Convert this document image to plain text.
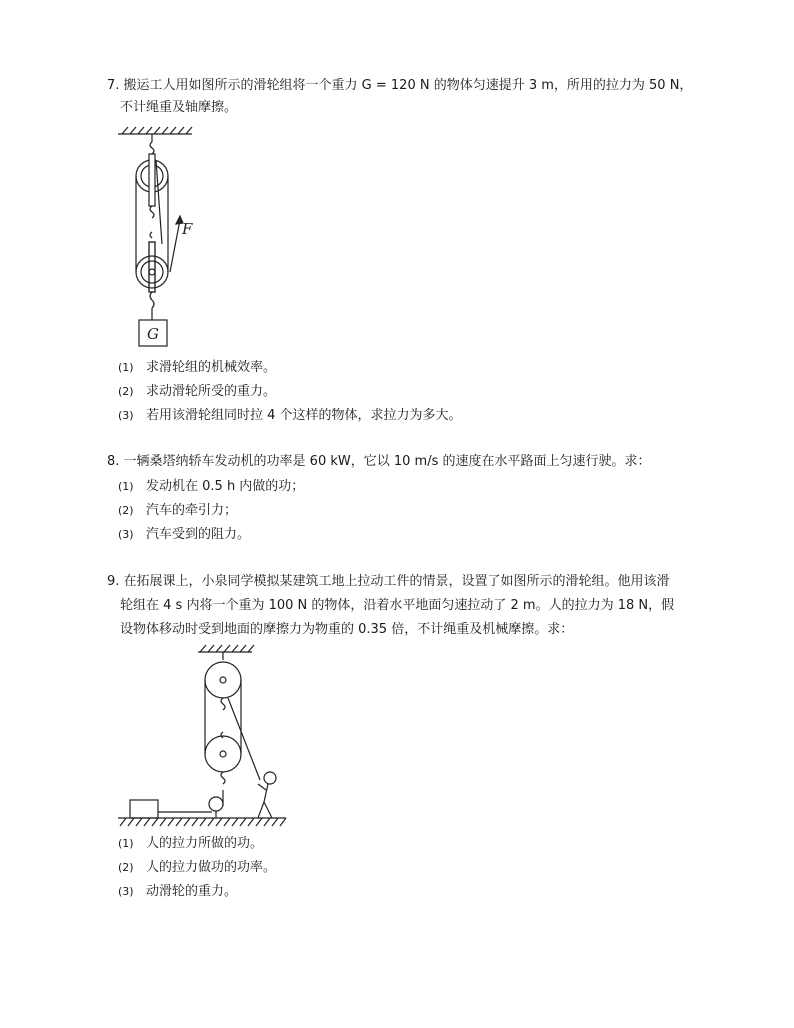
7. 搬运工人用如图所示的滑轮组将一个重力 G = 120 N 的物体匀速提升 3 m，所用的拉力为 50 N，
不计绳重及轴摩擦。
F
G
(1) 求滑轮组的机械效率。
(2) 求动滑轮所受的重力。
(3) 若用该滑轮组同时拉 4 个这样的物体，求拉力为多大。
8. 一辆桑塔纳轿车发动机的功率是 60 kW，它以 10 m/s 的速度在水平路面上匀速行驶。求：
(1) 发动机在 0.5 h 内做的功；
(2) 汽车的牵引力；
(3) 汽车受到的阻力。
9. 在拓展课上，小泉同学模拟某建筑工地上拉动工件的情景，设置了如图所示的滑轮组。他用该滑
轮组在 4 s 内将一个重为 100 N 的物体，沿着水平地面匀速拉动了 2 m。人的拉力为 18 N，假
设物体移动时受到地面的摩擦力为物重的 0.35 倍，不计绳重及机械摩擦。求：
(1) 人的拉力所做的功。
(2) 人的拉力做功的功率。
(3) 动滑轮的重力。
